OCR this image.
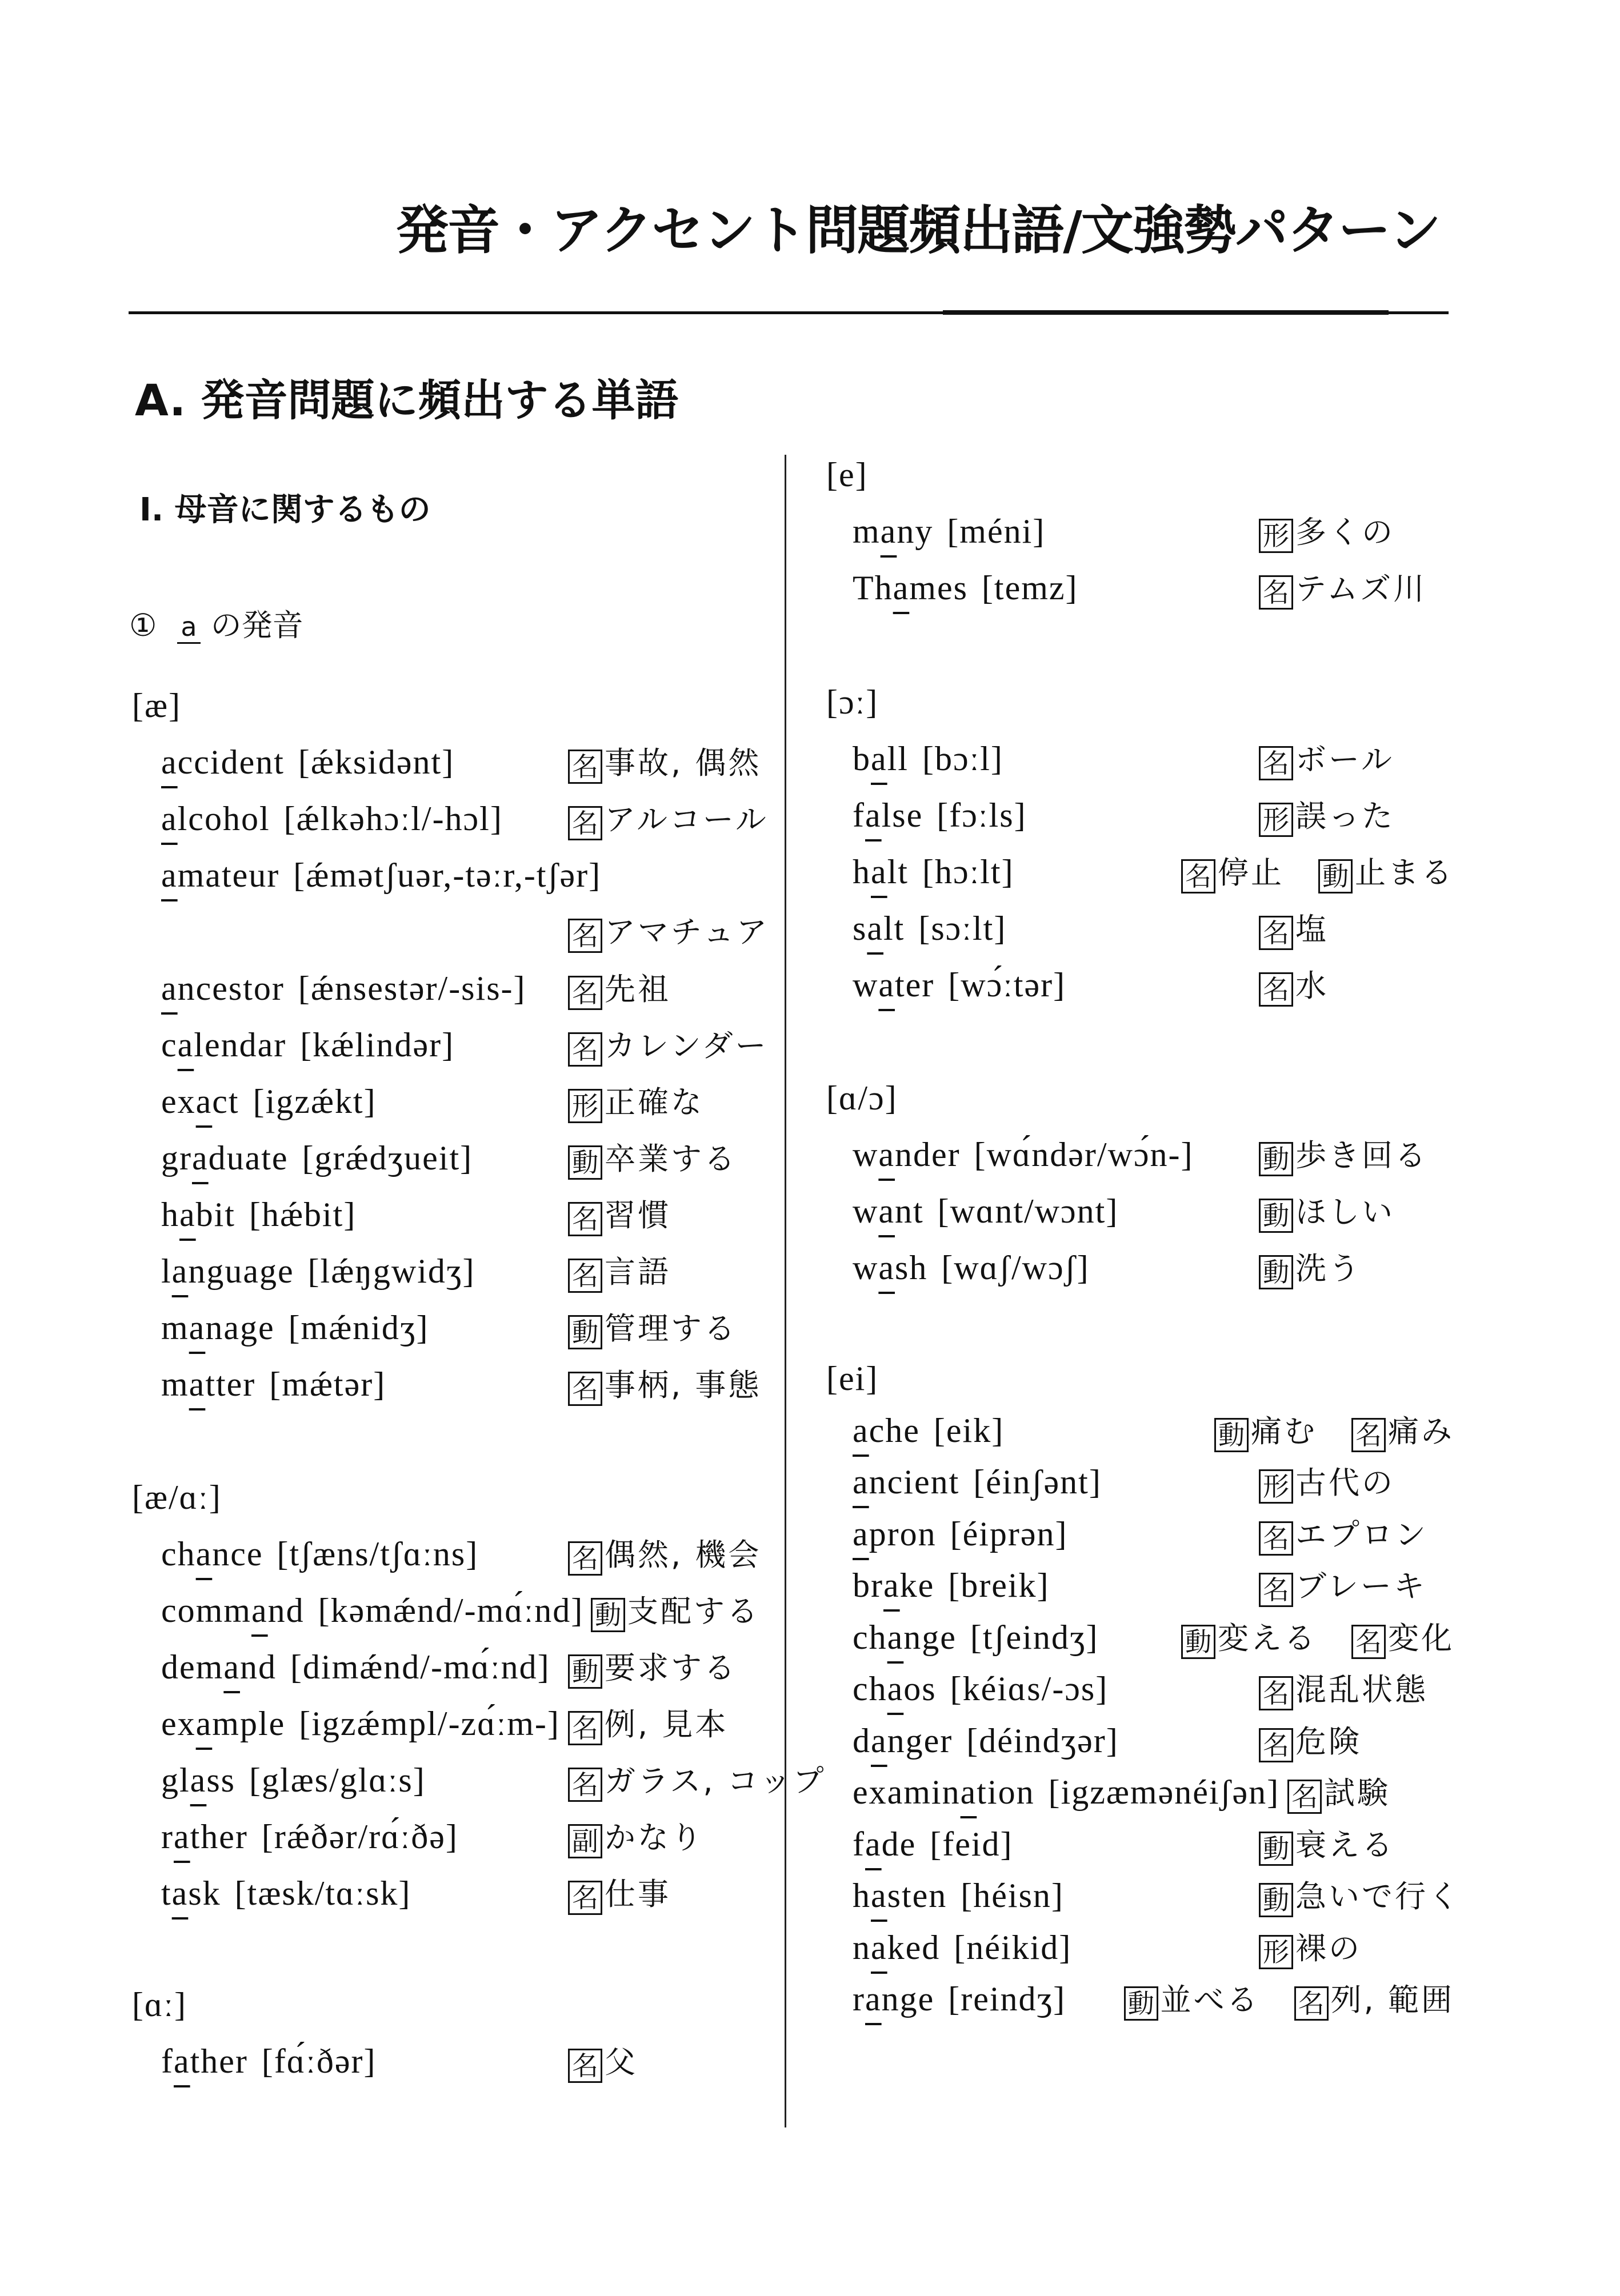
発音・アクセント問題頻出語/文強勢パターン
A. 発音問題に頻出する単語
Ⅰ. 母音に関するもの
① a の発音
[æ]
accident [ǽksidənt]	名 事故, 偶然
alcohol [ǽlkəhɔːl/-hɔl]	名 アルコール
amateur [ǽmətʃuər,-təːr,-tʃər]
名 アマチュア
ancestor [ǽnsestər/-sis-]	名 先祖
calendar [kǽlindər]	名 カレンダー
exact [igzǽkt]	形 正確な
graduate [grǽdʒueit]	動 卒業する
habit [hǽbit]	名 習慣
language [lǽŋgwidʒ]	名 言語
manage [mǽnidʒ]	動 管理する
matter [mǽtər]	名 事柄, 事態
[æ/ɑː]
chance [tʃæns/tʃɑːns]	名 偶然, 機会
command [kəmǽnd/-mɑ́ːnd] 動 支配する
demand [dimǽnd/-mɑ́ːnd] 動 要求する
example [igzǽmpl/-zɑ́ːm-] 名 例, 見本
glass [glæs/glɑːs]	名 ガラス, コップ
rather [rǽðər/rɑ́ːðə]	副 かなり
task [tæsk/tɑːsk]	名 仕事
[ɑː]
father [fɑ́ːðər]	名 父
[e]
many [méni]	形 多くの
Thames [temz]	名 テムズ川
[ɔː]
ball [bɔːl]	名 ボール
false [fɔːls]	形 誤った
halt [hɔːlt]	名 停止 動 止まる
salt [sɔːlt]	名 塩
water [wɔ́ːtər]	名 水
[ɑ/ɔ]
wander [wɑ́ndər/wɔ́n-]	動 歩き回る
want [wɑnt/wɔnt]	動 ほしい
wash [wɑʃ/wɔʃ]	動 洗う
[ei]
ache [eik]	動 痛む 名 痛み
ancient [éinʃənt]	形 古代の
apron [éiprən]	名 エプロン
brake [breik]	名 ブレーキ
change [tʃeindʒ]	動 変える 名 変化
chaos [kéiɑs/-ɔs]	名 混乱状態
danger [déindʒər]	名 危険
examination [igzæmənéiʃən] 名 試験
fade [feid]	動 衰える
hasten [héisn]	動 急いで行く
naked [néikid]	形 裸の
range [reindʒ] 動 並べる 名 列, 範囲
